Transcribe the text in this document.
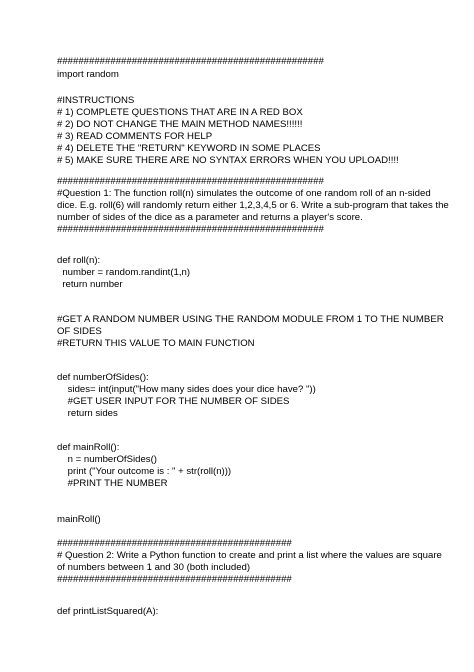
##################################################
import random
#INSTRUCTIONS
# 1) COMPLETE QUESTIONS THAT ARE IN A RED BOX
# 2) DO NOT CHANGE THE MAIN METHOD NAMES!!!!!!
# 3) READ COMMENTS FOR HELP
# 4) DELETE THE "RETURN" KEYWORD IN SOME PLACES
# 5) MAKE SURE THERE ARE NO SYNTAX ERRORS WHEN YOU UPLOAD!!!!
##################################################
#Question 1: The function roll(n) simulates the outcome of one random roll of an n-sided
dice. E.g. roll(6) will randomly return either 1,2,3,4,5 or 6. Write a sub-program that takes the
number of sides of the dice as a parameter and returns a player's score.
##################################################
def roll(n):
number = random.randint(1,n)
return number
#GET A RANDOM NUMBER USING THE RANDOM MODULE FROM 1 TO THE NUMBER
OF SIDES
#RETURN THIS VALUE TO MAIN FUNCTION
def numberOfSides():
sides= int(input("How many sides does your dice have? "))
#GET USER INPUT FOR THE NUMBER OF SIDES
return sides
def mainRoll():
n = numberOfSides()
print ("Your outcome is : " + str(roll(n)))
#PRINT THE NUMBER
mainRoll()
############################################
# Question 2: Write a Python function to create and print a list where the values are square
of numbers between 1 and 30 (both included)
############################################
def printListSquared(A):
